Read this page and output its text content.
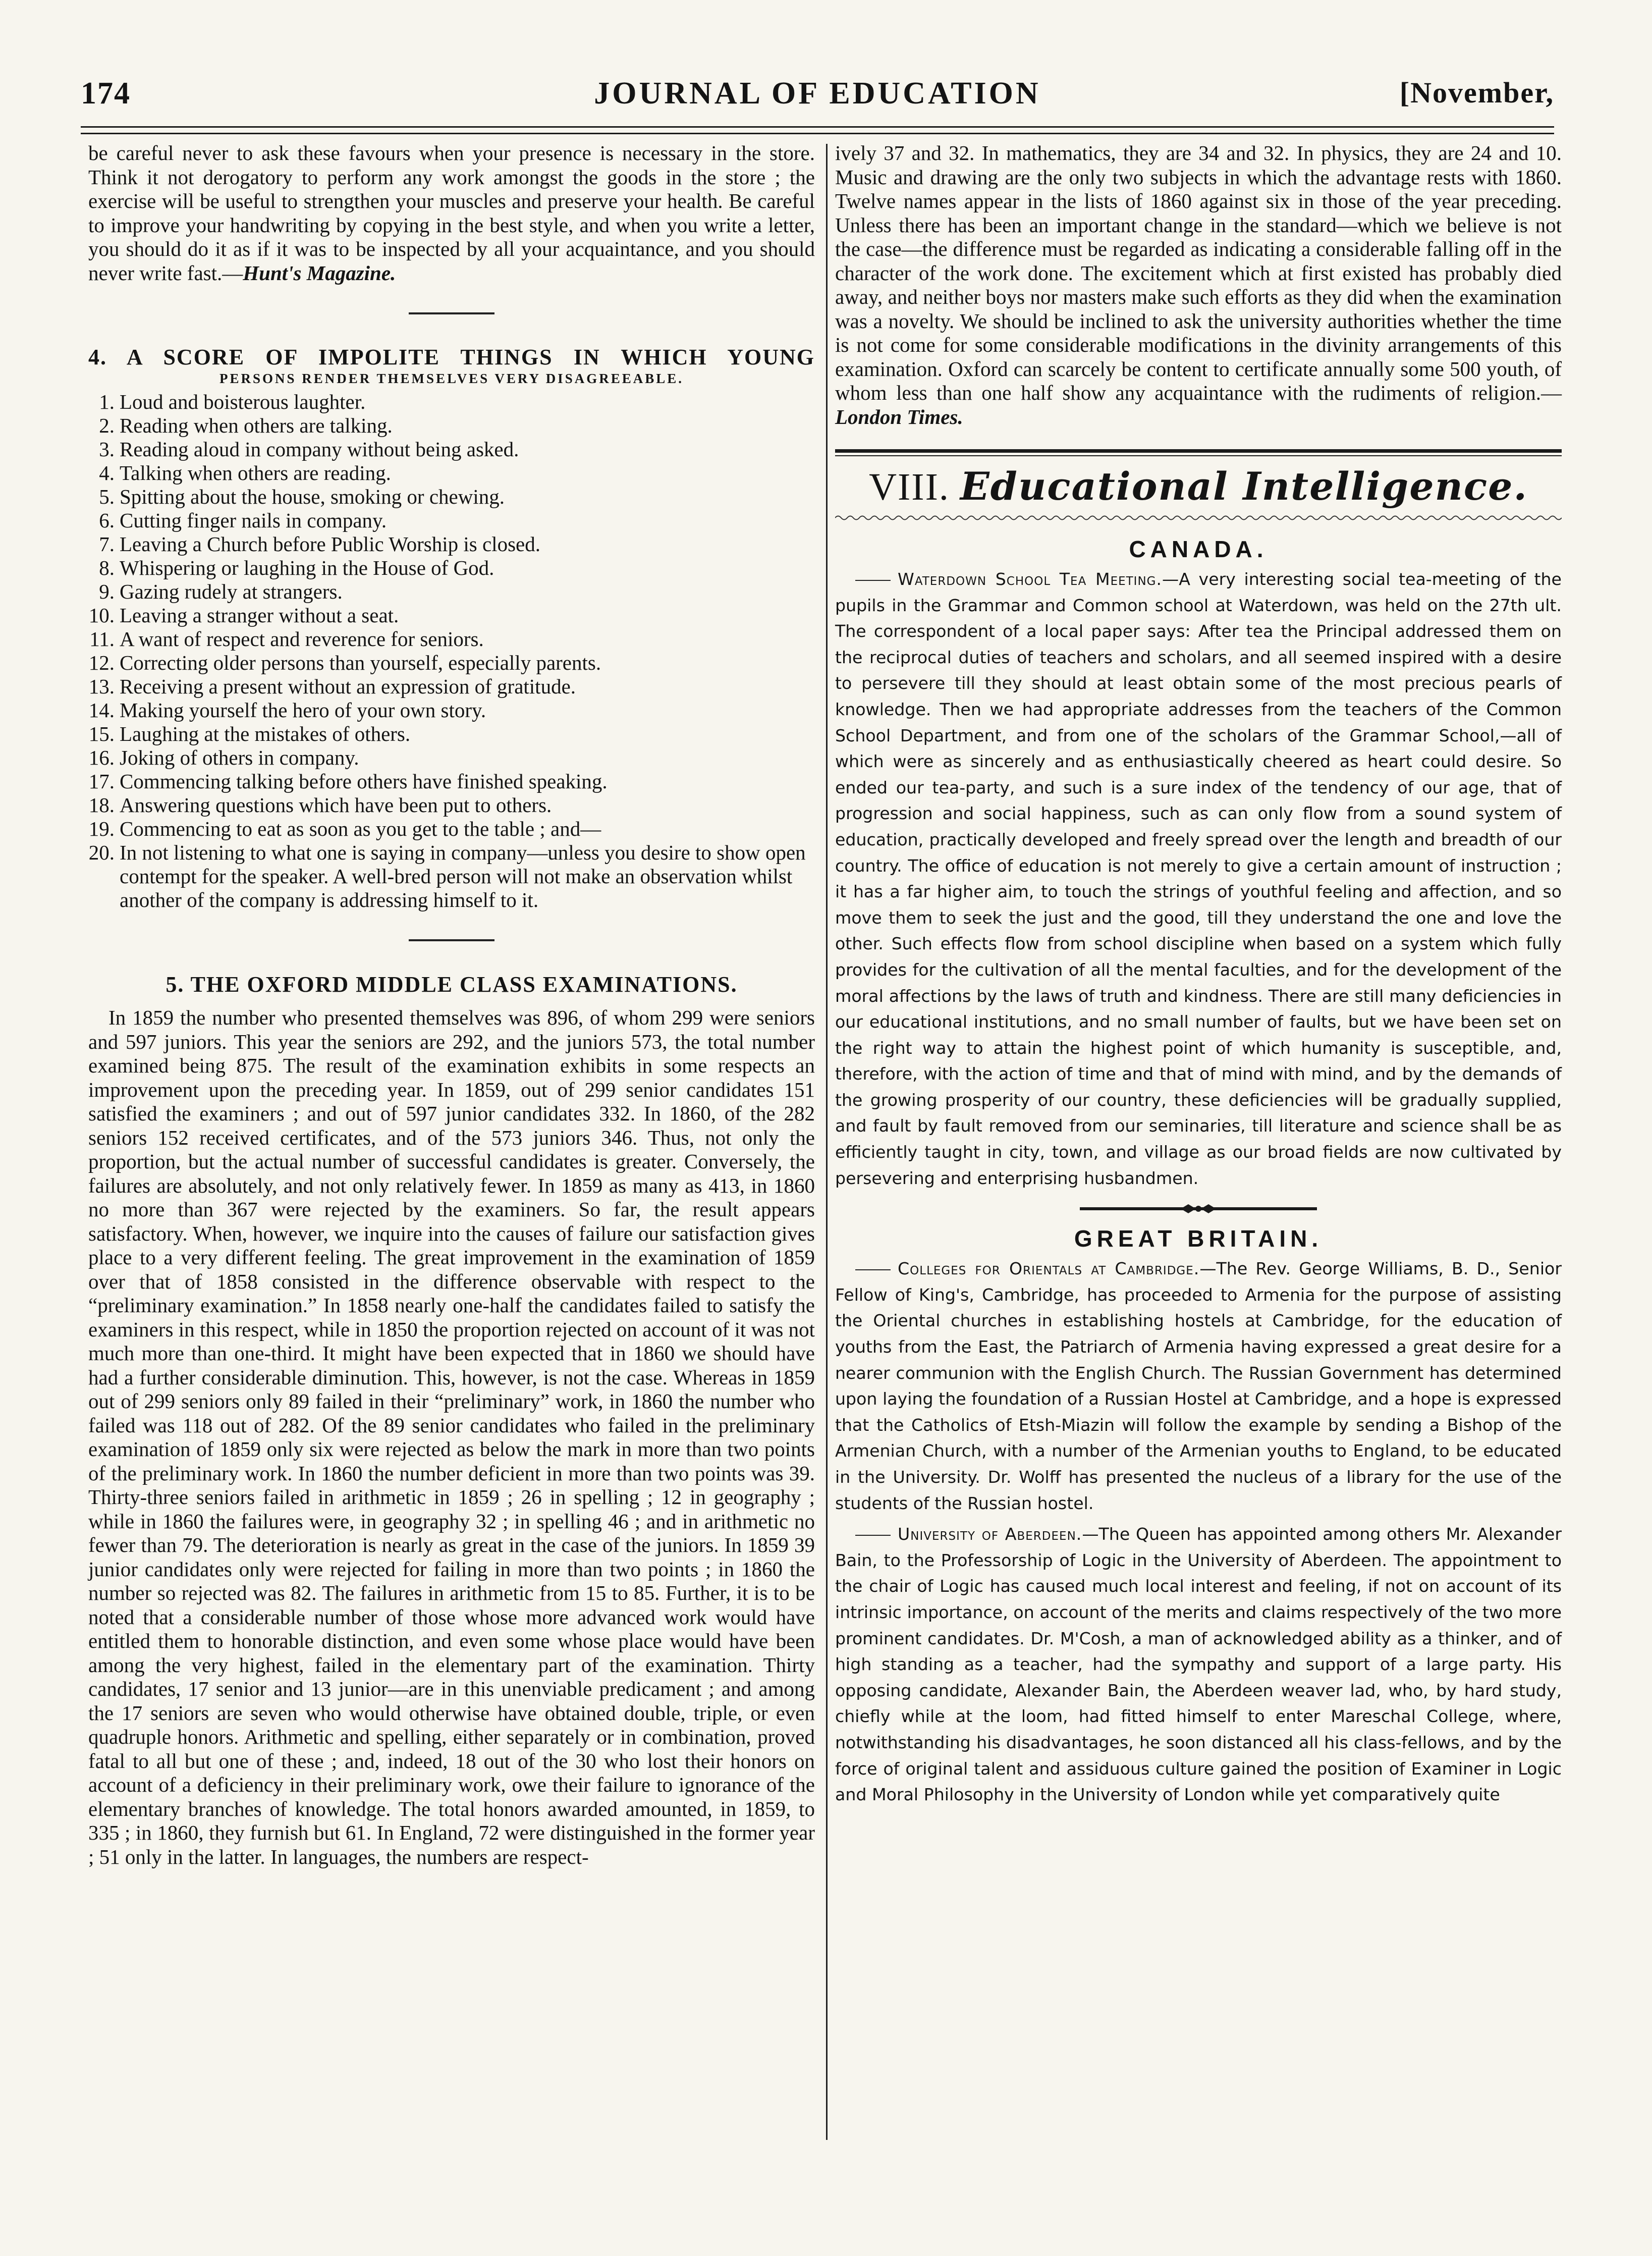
174	JOURNAL OF EDUCATION	[November,

be careful never to ask these favours when your presence is necessary in the store. Think it not derogatory to perform any work amongst the goods in the store ; the exercise will be useful to strengthen your muscles and preserve your health. Be careful to improve your handwriting by copying in the best style, and when you write a letter, you should do it as if it was to be inspected by all your acquaintance, and you should never write fast.—Hunt's Magazine.

4. A SCORE OF IMPOLITE THINGS IN WHICH YOUNG
PERSONS RENDER THEMSELVES VERY DISAGREEABLE.
1. Loud and boisterous laughter.
2. Reading when others are talking.
3. Reading aloud in company without being asked.
4. Talking when others are reading.
5. Spitting about the house, smoking or chewing.
6. Cutting finger nails in company.
7. Leaving a Church before Public Worship is closed.
8. Whispering or laughing in the House of God.
9. Gazing rudely at strangers.
10. Leaving a stranger without a seat.
11. A want of respect and reverence for seniors.
12. Correcting older persons than yourself, especially parents.
13. Receiving a present without an expression of gratitude.
14. Making yourself the hero of your own story.
15. Laughing at the mistakes of others.
16. Joking of others in company.
17. Commencing talking before others have finished speaking.
18. Answering questions which have been put to others.
19. Commencing to eat as soon as you get to the table ; and—
20. In not listening to what one is saying in company—unless you desire to show open contempt for the speaker. A well-bred person will not make an observation whilst another of the company is addressing himself to it.
5. THE OXFORD MIDDLE CLASS EXAMINATIONS.

In 1859 the number who presented themselves was 896, of whom 299 were seniors and 597 juniors. This year the seniors are 292, and the juniors 573, the total number examined being 875. The result of the examination exhibits in some respects an improvement upon the preceding year. In 1859, out of 299 senior candidates 151 satisfied the examiners ; and out of 597 junior candidates 332. In 1860, of the 282 seniors 152 received certificates, and of the 573 juniors 346. Thus, not only the proportion, but the actual number of successful candidates is greater. Conversely, the failures are absolutely, and not only relatively fewer. In 1859 as many as 413, in 1860 no more than 367 were rejected by the examiners. So far, the result appears satisfactory. When, however, we inquire into the causes of failure our satisfaction gives place to a very different feeling. The great improvement in the examination of 1859 over that of 1858 consisted in the difference observable with respect to the “preliminary examination.” In 1858 nearly one-half the candidates failed to satisfy the examiners in this respect, while in 1850 the proportion rejected on account of it was not much more than one-third. It might have been expected that in 1860 we should have had a further considerable diminution. This, however, is not the case. Whereas in 1859 out of 299 seniors only 89 failed in their “preliminary” work, in 1860 the number who failed was 118 out of 282. Of the 89 senior candidates who failed in the preliminary examination of 1859 only six were rejected as below the mark in more than two points of the preliminary work. In 1860 the number deficient in more than two points was 39. Thirty-three seniors failed in arithmetic in 1859 ; 26 in spelling ; 12 in geography ; while in 1860 the failures were, in geography 32 ; in spelling 46 ; and in arithmetic no fewer than 79. The deterioration is nearly as great in the case of the juniors. In 1859 39 junior candidates only were rejected for failing in more than two points ; in 1860 the number so rejected was 82. The failures in arithmetic from 15 to 85. Further, it is to be noted that a considerable number of those whose more advanced work would have entitled them to honorable distinction, and even some whose place would have been among the very highest, failed in the elementary part of the examination. Thirty candidates, 17 senior and 13 junior—are in this unenviable predicament ; and among the 17 seniors are seven who would otherwise have obtained double, triple, or even quadruple honors. Arithmetic and spelling, either separately or in combination, proved fatal to all but one of these ; and, indeed, 18 out of the 30 who lost their honors on account of a deficiency in their preliminary work, owe their failure to ignorance of the elementary branches of knowledge. The total honors awarded amounted, in 1859, to 335 ; in 1860, they furnish but 61. In England, 72 were distinguished in the former year ; 51 only in the latter. In languages, the numbers are respect-

ively 37 and 32. In mathematics, they are 34 and 32. In physics, they are 24 and 10. Music and drawing are the only two subjects in which the advantage rests with 1860. Twelve names appear in the lists of 1860 against six in those of the year preceding. Unless there has been an important change in the standard—which we believe is not the case—the difference must be regarded as indicating a considerable falling off in the character of the work done. The excitement which at first existed has probably died away, and neither boys nor masters make such efforts as they did when the examination was a novelty. We should be inclined to ask the university authorities whether the time is not come for some considerable modifications in the divinity arrangements of this examination. Oxford can scarcely be content to certificate annually some 500 youth, of whom less than one half show any acquaintance with the rudiments of religion.—London Times.

VIII. Educational Intelligence.
CANADA.

Waterdown School Tea Meeting.—A very interesting social tea-meeting of the pupils in the Grammar and Common school at Waterdown, was held on the 27th ult. The correspondent of a local paper says: After tea the Principal addressed them on the reciprocal duties of teachers and scholars, and all seemed inspired with a desire to persevere till they should at least obtain some of the most precious pearls of knowledge. Then we had appropriate addresses from the teachers of the Common School Department, and from one of the scholars of the Grammar School,—all of which were as sincerely and as enthusiastically cheered as heart could desire. So ended our tea-party, and such is a sure index of the tendency of our age, that of progression and social happiness, such as can only flow from a sound system of education, practically developed and freely spread over the length and breadth of our country. The office of education is not merely to give a certain amount of instruction ; it has a far higher aim, to touch the strings of youthful feeling and affection, and so move them to seek the just and the good, till they understand the one and love the other. Such effects flow from school discipline when based on a system which fully provides for the cultivation of all the mental faculties, and for the development of the moral affections by the laws of truth and kindness. There are still many deficiencies in our educational institutions, and no small number of faults, but we have been set on the right way to attain the highest point of which humanity is susceptible, and, therefore, with the action of time and that of mind with mind, and by the demands of the growing prosperity of our country, these deficiencies will be gradually supplied, and fault by fault removed from our seminaries, till literature and science shall be as efficiently taught in city, town, and village as our broad fields are now cultivated by persevering and enterprising husbandmen.

GREAT BRITAIN.

Colleges for Orientals at Cambridge.—The Rev. George Williams, B. D., Senior Fellow of King's, Cambridge, has proceeded to Armenia for the purpose of assisting the Oriental churches in establishing hostels at Cambridge, for the education of youths from the East, the Patriarch of Armenia having expressed a great desire for a nearer communion with the English Church. The Russian Government has determined upon laying the foundation of a Russian Hostel at Cambridge, and a hope is expressed that the Catholics of Etsh-Miazin will follow the example by sending a Bishop of the Armenian Church, with a number of the Armenian youths to England, to be educated in the University. Dr. Wolff has presented the nucleus of a library for the use of the students of the Russian hostel.

University of Aberdeen.—The Queen has appointed among others Mr. Alexander Bain, to the Professorship of Logic in the University of Aberdeen. The appointment to the chair of Logic has caused much local interest and feeling, if not on account of its intrinsic importance, on account of the merits and claims respectively of the two more prominent candidates. Dr. M'Cosh, a man of acknowledged ability as a thinker, and of high standing as a teacher, had the sympathy and support of a large party. His opposing candidate, Alexander Bain, the Aberdeen weaver lad, who, by hard study, chiefly while at the loom, had fitted himself to enter Mareschal College, where, notwithstanding his disadvantages, he soon distanced all his class-fellows, and by the force of original talent and assiduous culture gained the position of Examiner in Logic and Moral Philosophy in the University of London while yet comparatively quite
